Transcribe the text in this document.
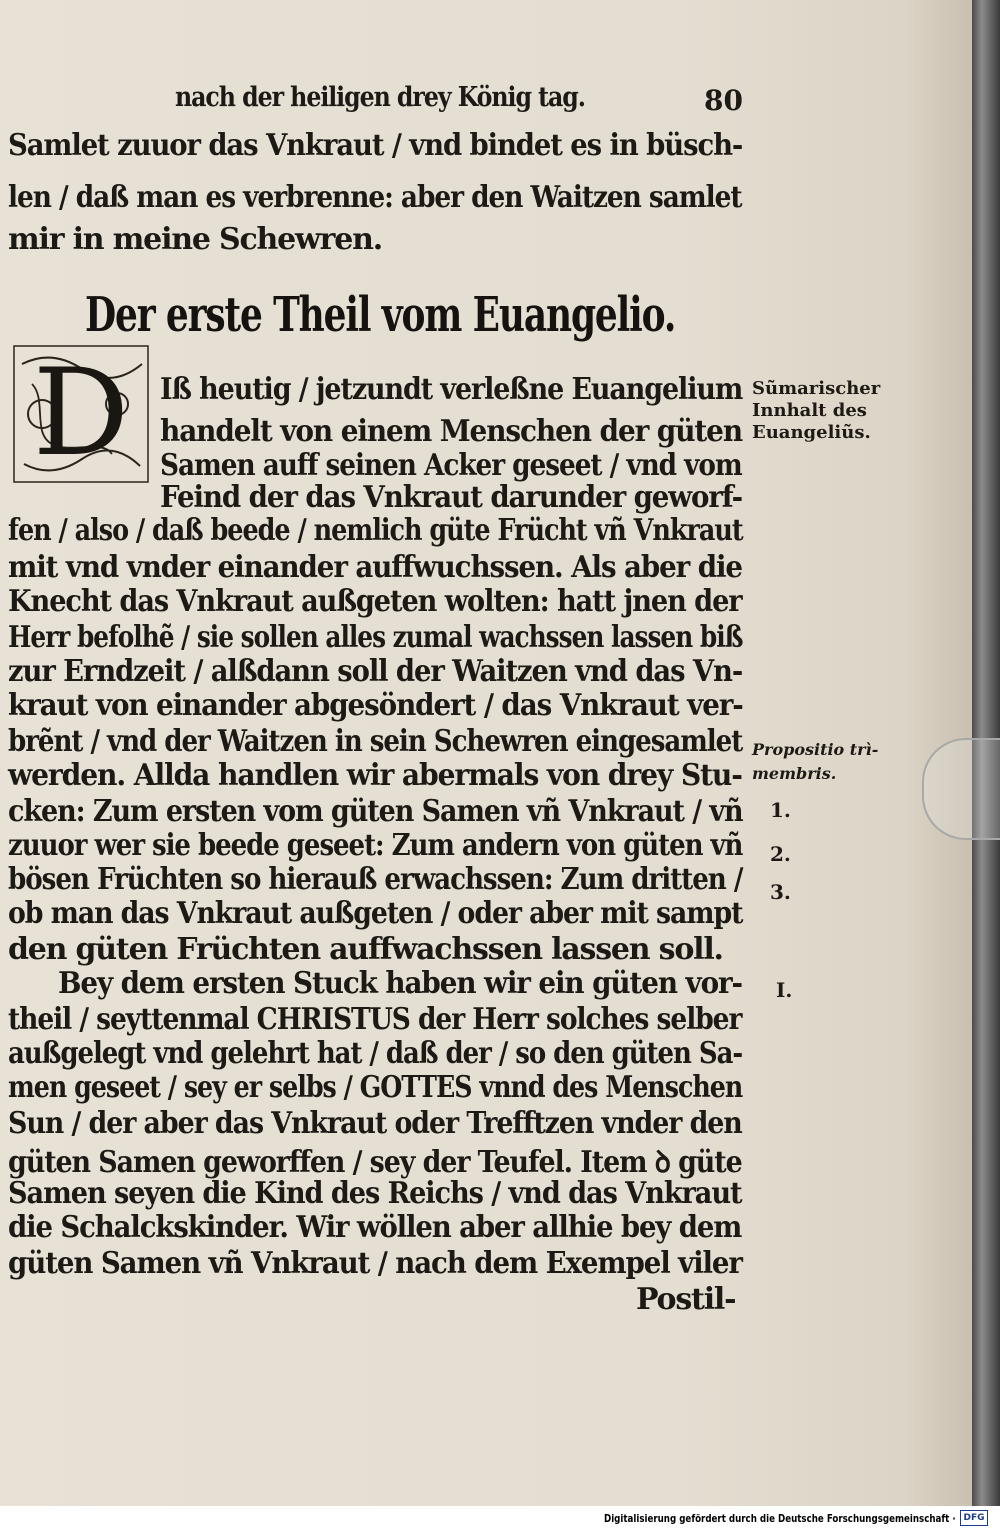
nach der heiligen drey König tag.	80
Samlet zuuor das Vnkraut / vnd bindet es in büsch-
len / daß man es verbrenne: aber den Waitzen samlet
mir in meine Schewren.
Der erste Theil vom Euangelio.
D	Iß heutig / jetzundt verleßne Euangelium
handelt von einem Menschen der güten
Samen auff seinen Acker geseet / vnd vom
Feind der das Vnkraut darunder geworf-
fen / also / daß beede / nemlich güte Frücht vñ Vnkraut
mit vnd vnder einander auffwuchssen. Als aber die
Knecht das Vnkraut außgeten wolten: hatt jnen der
Herr befolhẽ / sie sollen alles zumal wachssen lassen biß
zur Erndzeit / alßdann soll der Waitzen vnd das Vn-
kraut von einander abgesöndert / das Vnkraut ver-
brẽnt / vnd der Waitzen in sein Schewren eingesamlet
werden. Allda handlen wir abermals von drey Stu-
cken: Zum ersten vom güten Samen vñ Vnkraut / vñ
zuuor wer sie beede geseet: Zum andern von güten vñ
bösen Früchten so hierauß erwachssen: Zum dritten /
ob man das Vnkraut außgeten / oder aber mit sampt
den güten Früchten auffwachssen lassen soll.
Bey dem ersten Stuck haben wir ein güten vor-
theil / seyttenmal CHRISTUS der Herr solches selber
außgelegt vnd gelehrt hat / daß der / so den güten Sa-
men geseet / sey er selbs / GOTTES vnnd des Menschen
Sun / der aber das Vnkraut oder Trefftzen vnder den
güten Samen geworffen / sey der Teufel. Item ꝺ güte
Samen seyen die Kind des Reichs / vnd das Vnkraut
die Schalckskinder. Wir wöllen aber allhie bey dem
güten Samen vñ Vnkraut / nach dem Exempel viler
Postil-
Sũmarischer
Innhalt des
Euangeliũs.
Propositio trì-
membris.
1.
2.
3.
I.
Digitalisierung gefördert durch die Deutsche Forschungsgemeinschaft · DFG
